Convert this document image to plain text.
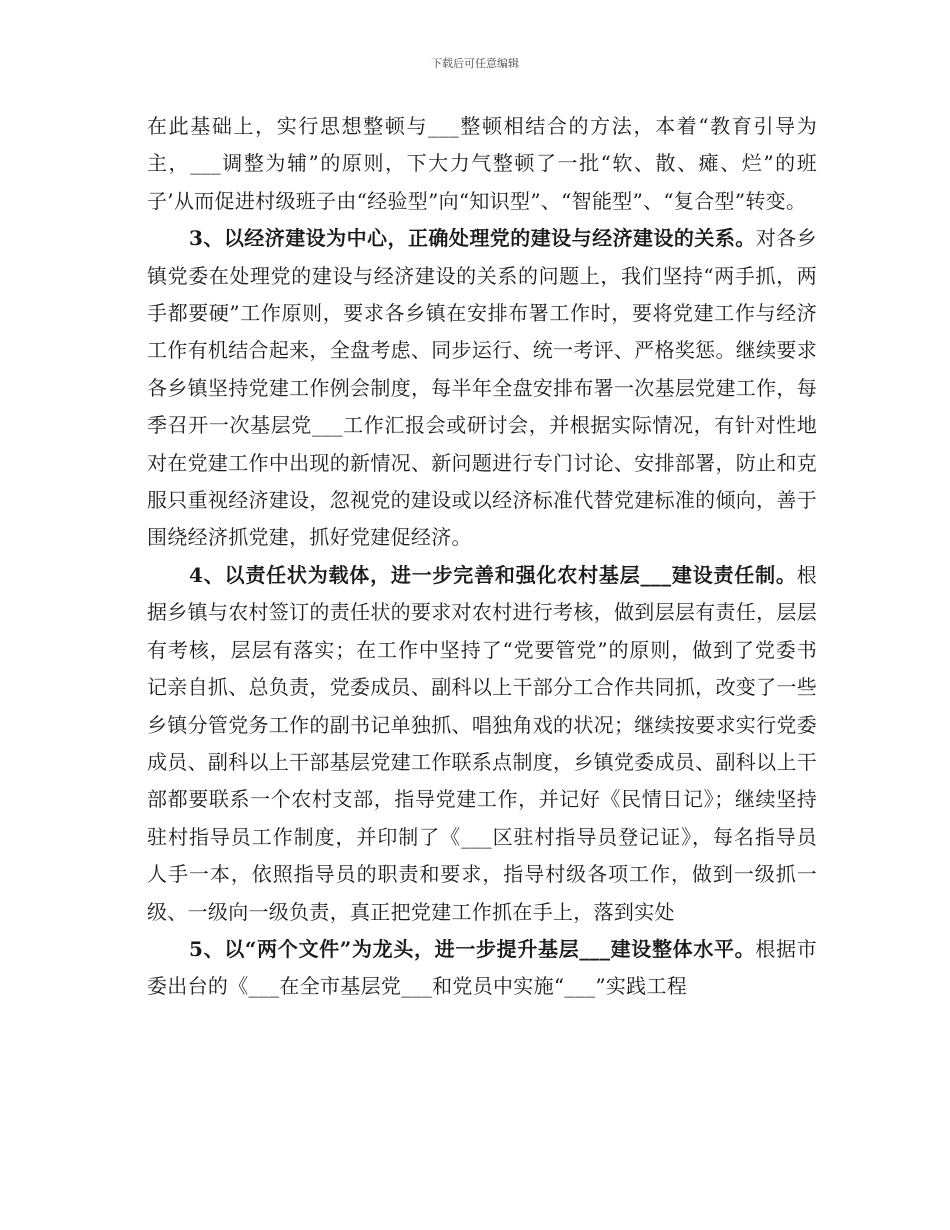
下载后可任意编辑

在此基础上，实行思想整顿与___整顿相结合的方法，本着“教育引导为主，___调整为辅”的原则，下大力气整顿了一批“软、散、瘫、烂”的班子’从而促进村级班子由“经验型”向“知识型”、“智能型”、“复合型”转变。

3、以经济建设为中心，正确处理党的建设与经济建设的关系。对各乡镇党委在处理党的建设与经济建设的关系的问题上，我们坚持“两手抓，两手都要硬”工作原则，要求各乡镇在安排布署工作时，要将党建工作与经济工作有机结合起来，全盘考虑、同步运行、统一考评、严格奖惩。继续要求各乡镇坚持党建工作例会制度，每半年全盘安排布署一次基层党建工作，每季召开一次基层党___工作汇报会或研讨会，并根据实际情况，有针对性地对在党建工作中出现的新情况、新问题进行专门讨论、安排部署，防止和克服只重视经济建设，忽视党的建设或以经济标准代替党建标准的倾向，善于围绕经济抓党建，抓好党建促经济。

4、以责任状为载体，进一步完善和强化农村基层___建设责任制。根据乡镇与农村签订的责任状的要求对农村进行考核，做到层层有责任，层层有考核，层层有落实；在工作中坚持了“党要管党”的原则，做到了党委书记亲自抓、总负责，党委成员、副科以上干部分工合作共同抓，改变了一些乡镇分管党务工作的副书记单独抓、唱独角戏的状况；继续按要求实行党委成员、副科以上干部基层党建工作联系点制度，乡镇党委成员、副科以上干部都要联系一个农村支部，指导党建工作，并记好《民情日记》；继续坚持驻村指导员工作制度，并印制了《___区驻村指导员登记证》，每名指导员人手一本，依照指导员的职责和要求，指导村级各项工作，做到一级抓一级、一级向一级负责，真正把党建工作抓在手上，落到实处

5、以“两个文件”为龙头，进一步提升基层___建设整体水平。根据市委出台的《___在全市基层党___和党员中实施“___”实践工程
